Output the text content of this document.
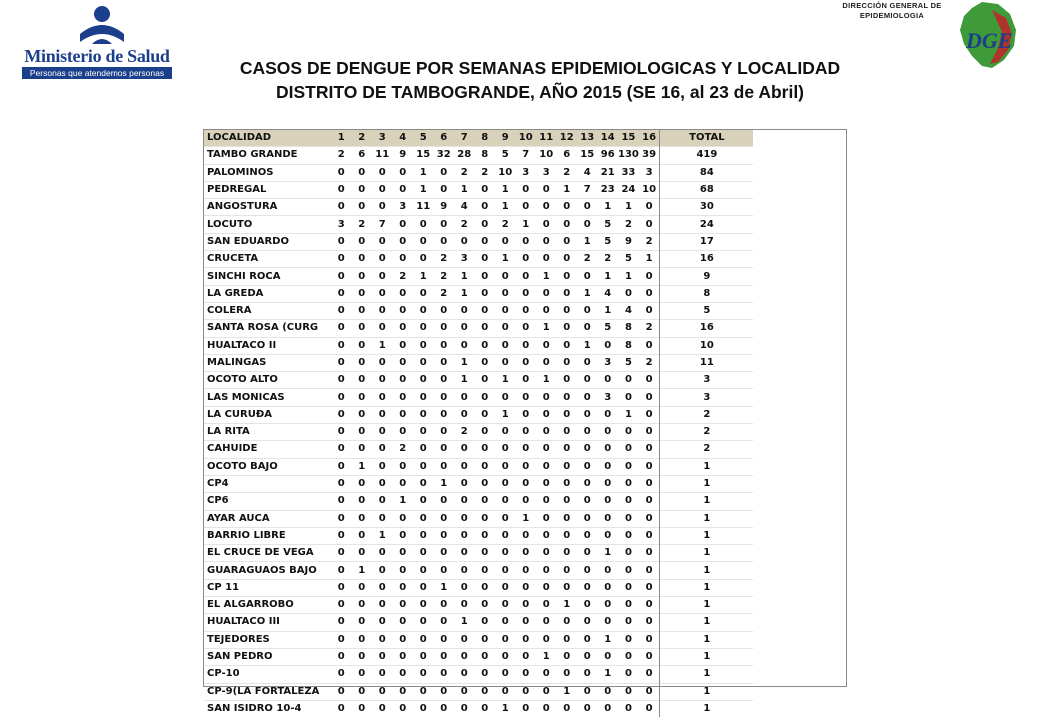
Ministerio de Salud
Personas que atendemos personas
DIRECCIÓN GENERAL DE
EPIDEMIOLOGIA
DGE
CASOS DE DENGUE POR SEMANAS EPIDEMIOLOGICAS Y LOCALIDAD
DISTRITO DE TAMBOGRANDE, AÑO 2015 (SE 16, al 23 de Abril)
LOCALIDAD	1	2	3	4	5	6	7	8	9	10	11	12	13	14	15	16	TOTAL
TAMBO GRANDE	2	6	11	9	15	32	28	8	5	7	10	6	15	96	130	39	419
PALOMINOS	0	0	0	0	1	0	2	2	10	3	3	2	4	21	33	3	84
PEDREGAL	0	0	0	0	1	0	1	0	1	0	0	1	7	23	24	10	68
ANGOSTURA	0	0	0	3	11	9	4	0	1	0	0	0	0	1	1	0	30
LOCUTO	3	2	7	0	0	0	2	0	2	1	0	0	0	5	2	0	24
SAN EDUARDO	0	0	0	0	0	0	0	0	0	0	0	0	1	5	9	2	17
CRUCETA	0	0	0	0	0	2	3	0	1	0	0	0	2	2	5	1	16
SINCHI ROCA	0	0	0	2	1	2	1	0	0	0	1	0	0	1	1	0	9
LA GREDA	0	0	0	0	0	2	1	0	0	0	0	0	1	4	0	0	8
COLERA	0	0	0	0	0	0	0	0	0	0	0	0	0	1	4	0	5
SANTA ROSA (CURG	0	0	0	0	0	0	0	0	0	0	1	0	0	5	8	2	16
HUALTACO II	0	0	1	0	0	0	0	0	0	0	0	0	1	0	8	0	10
MALINGAS	0	0	0	0	0	0	1	0	0	0	0	0	0	3	5	2	11
OCOTO ALTO	0	0	0	0	0	0	1	0	1	0	1	0	0	0	0	0	3
LAS MONICAS	0	0	0	0	0	0	0	0	0	0	0	0	0	3	0	0	3
LA CURUÐA	0	0	0	0	0	0	0	0	1	0	0	0	0	0	1	0	2
LA RITA	0	0	0	0	0	0	2	0	0	0	0	0	0	0	0	0	2
CAHUIDE	0	0	0	2	0	0	0	0	0	0	0	0	0	0	0	0	2
OCOTO BAJO	0	1	0	0	0	0	0	0	0	0	0	0	0	0	0	0	1
CP4	0	0	0	0	0	1	0	0	0	0	0	0	0	0	0	0	1
CP6	0	0	0	1	0	0	0	0	0	0	0	0	0	0	0	0	1
AYAR AUCA	0	0	0	0	0	0	0	0	0	1	0	0	0	0	0	0	1
BARRIO LIBRE	0	0	1	0	0	0	0	0	0	0	0	0	0	0	0	0	1
EL CRUCE DE VEGA	0	0	0	0	0	0	0	0	0	0	0	0	0	1	0	0	1
GUARAGUAOS BAJO	0	1	0	0	0	0	0	0	0	0	0	0	0	0	0	0	1
CP 11	0	0	0	0	0	1	0	0	0	0	0	0	0	0	0	0	1
EL ALGARROBO	0	0	0	0	0	0	0	0	0	0	0	1	0	0	0	0	1
HUALTACO III	0	0	0	0	0	0	1	0	0	0	0	0	0	0	0	0	1
TEJEDORES	0	0	0	0	0	0	0	0	0	0	0	0	0	1	0	0	1
SAN PEDRO	0	0	0	0	0	0	0	0	0	0	1	0	0	0	0	0	1
CP-10	0	0	0	0	0	0	0	0	0	0	0	0	0	1	0	0	1
CP-9(LA FORTALEZA	0	0	0	0	0	0	0	0	0	0	0	1	0	0	0	0	1
SAN ISIDRO 10-4	0	0	0	0	0	0	0	0	1	0	0	0	0	0	0	0	1
